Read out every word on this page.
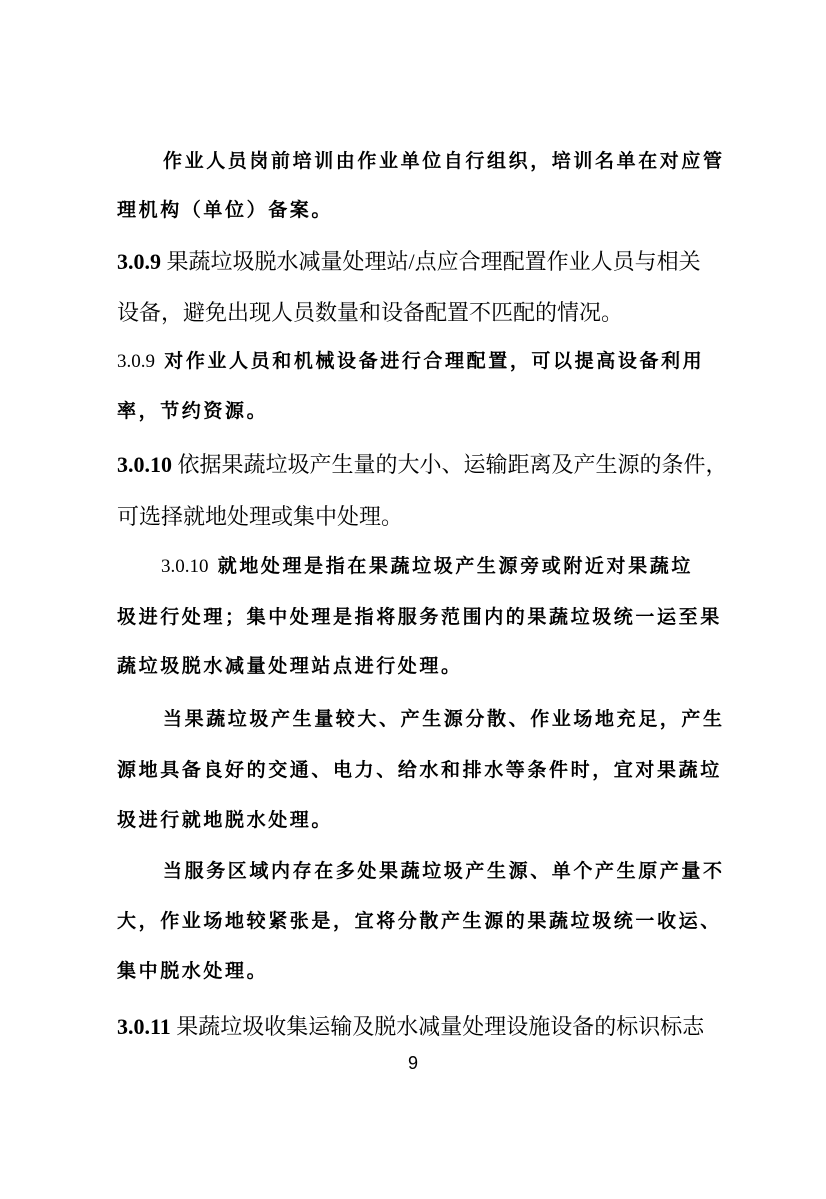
作业人员岗前培训由作业单位自行组织，培训名单在对应管
理机构（单位）备案。
3.0.9 果蔬垃圾脱水减量处理站/点应合理配置作业人员与相关
设备，避免出现人员数量和设备配置不匹配的情况。
3.0.9 对作业人员和机械设备进行合理配置，可以提高设备利用
率，节约资源。
3.0.10 依据果蔬垃圾产生量的大小、运输距离及产生源的条件，
可选择就地处理或集中处理。
3.0.10 就地处理是指在果蔬垃圾产生源旁或附近对果蔬垃
圾进行处理；集中处理是指将服务范围内的果蔬垃圾统一运至果
蔬垃圾脱水减量处理站点进行处理。
当果蔬垃圾产生量较大、产生源分散、作业场地充足，产生
源地具备良好的交通、电力、给水和排水等条件时，宜对果蔬垃
圾进行就地脱水处理。
当服务区域内存在多处果蔬垃圾产生源、单个产生原产量不
大，作业场地较紧张是，宜将分散产生源的果蔬垃圾统一收运、
集中脱水处理。
3.0.11 果蔬垃圾收集运输及脱水减量处理设施设备的标识标志
9
